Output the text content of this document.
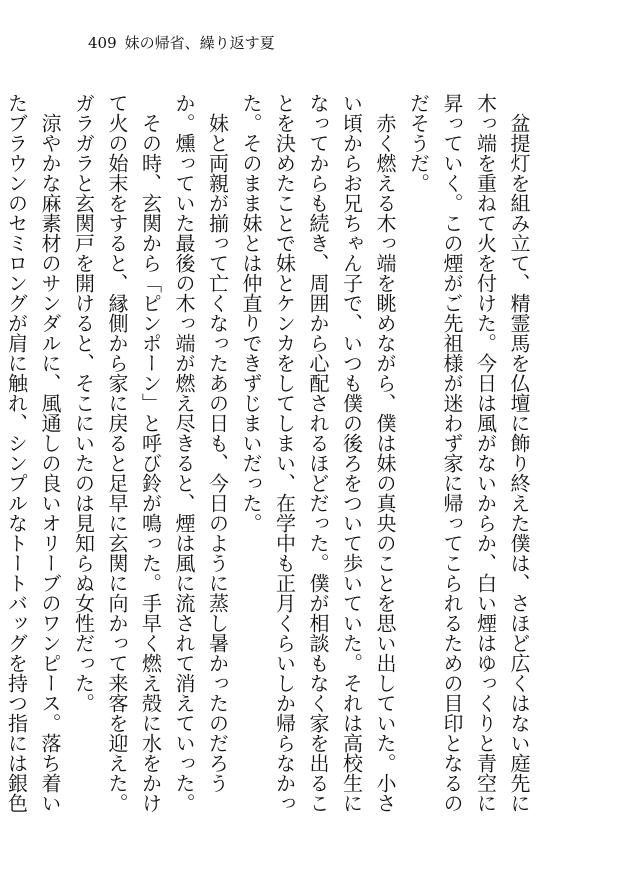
409 妹の帰省、繰り返す夏

盆提灯を組み立て、精霊馬を仏壇に飾り終えた僕は、さほど広くはない庭先に木っ端を重ねて火を付けた。今日は風がないからか、白い煙はゆっくりと青空に昇っていく。この煙がご先祖様が迷わず家に帰ってこられるための目印となるのだそうだ。

赤く燃える木っ端を眺めながら、僕は妹の真央のことを思い出していた。小さい頃からお兄ちゃん子で、いつも僕の後ろをついて歩いていた。それは高校生になってからも続き、周囲から心配されるほどだった。僕が相談もなく家を出ることを決めたことで妹とケンカをしてしまい、在学中も正月くらいしか帰らなかった。そのまま妹とは仲直りできずじまいだった。

妹と両親が揃って亡くなったあの日も、今日のように蒸し暑かったのだろうか。燻っていた最後の木っ端が燃え尽きると、煙は風に流されて消えていった。

その時、玄関から「ピンポーン」と呼び鈴が鳴った。手早く燃え殻に水をかけて火の始末をすると、縁側から家に戻ると足早に玄関に向かって来客を迎えた。ガラガラと玄関戸を開けると、そこにいたのは見知らぬ女性だった。

涼やかな麻素材のサンダルに、風通しの良いオリーブのワンピース。落ち着いたブラウンのセミロングが肩に触れ、シンプルなトートバッグを持つ指には銀色
